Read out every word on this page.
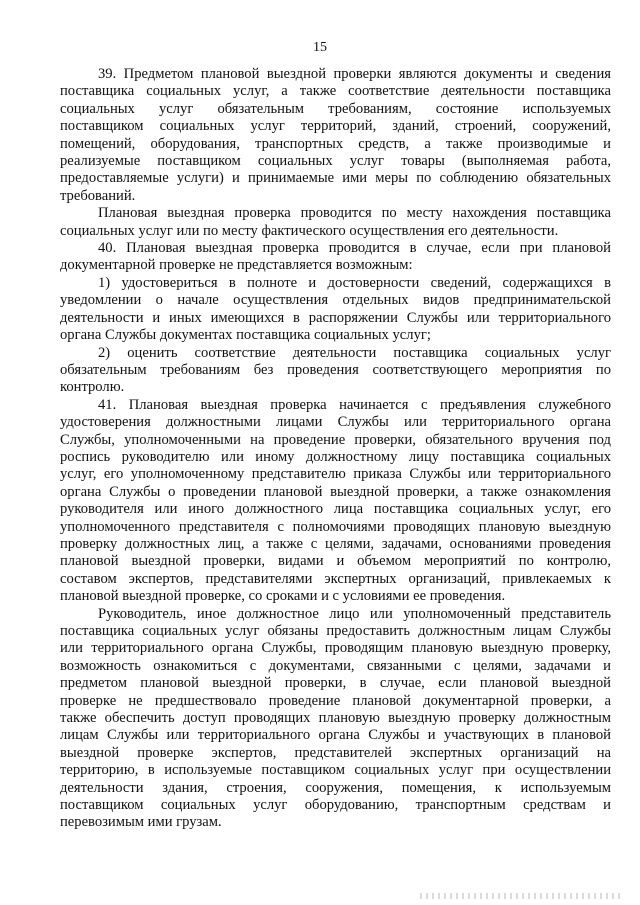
15
39. Предметом плановой выездной проверки являются документы и сведения
поставщика социальных услуг, а также соответствие деятельности поставщика
социальных услуг обязательным требованиям, состояние используемых
поставщиком социальных услуг территорий, зданий, строений, сооружений,
помещений, оборудования, транспортных средств, а также производимые и
реализуемые поставщиком социальных услуг товары (выполняемая работа,
предоставляемые услуги) и принимаемые ими меры по соблюдению обязательных
требований.
Плановая выездная проверка проводится по месту нахождения поставщика
социальных услуг или по месту фактического осуществления его деятельности.
40. Плановая выездная проверка проводится в случае, если при плановой
документарной проверке не представляется возможным:
1) удостовериться в полноте и достоверности сведений, содержащихся в
уведомлении о начале осуществления отдельных видов предпринимательской
деятельности и иных имеющихся в распоряжении Службы или территориального
органа Службы документах поставщика социальных услуг;
2) оценить соответствие деятельности поставщика социальных услуг
обязательным требованиям без проведения соответствующего мероприятия по
контролю.
41. Плановая выездная проверка начинается с предъявления служебного
удостоверения должностными лицами Службы или территориального органа
Службы, уполномоченными на проведение проверки, обязательного вручения под
роспись руководителю или иному должностному лицу поставщика социальных
услуг, его уполномоченному представителю приказа Службы или территориального
органа Службы о проведении плановой выездной проверки, а также ознакомления
руководителя или иного должностного лица поставщика социальных услуг, его
уполномоченного представителя с полномочиями проводящих плановую выездную
проверку должностных лиц, а также с целями, задачами, основаниями проведения
плановой выездной проверки, видами и объемом мероприятий по контролю,
составом экспертов, представителями экспертных организаций, привлекаемых к
плановой выездной проверке, со сроками и с условиями ее проведения.
Руководитель, иное должностное лицо или уполномоченный представитель
поставщика социальных услуг обязаны предоставить должностным лицам Службы
или территориального органа Службы, проводящим плановую выездную проверку,
возможность ознакомиться с документами, связанными с целями, задачами и
предметом плановой выездной проверки, в случае, если плановой выездной
проверке не предшествовало проведение плановой документарной проверки, а
также обеспечить доступ проводящих плановую выездную проверку должностным
лицам Службы или территориального органа Службы и участвующих в плановой
выездной проверке экспертов, представителей экспертных организаций на
территорию, в используемые поставщиком социальных услуг при осуществлении
деятельности здания, строения, сооружения, помещения, к используемым
поставщиком социальных услуг оборудованию, транспортным средствам и
перевозимым ими грузам.
